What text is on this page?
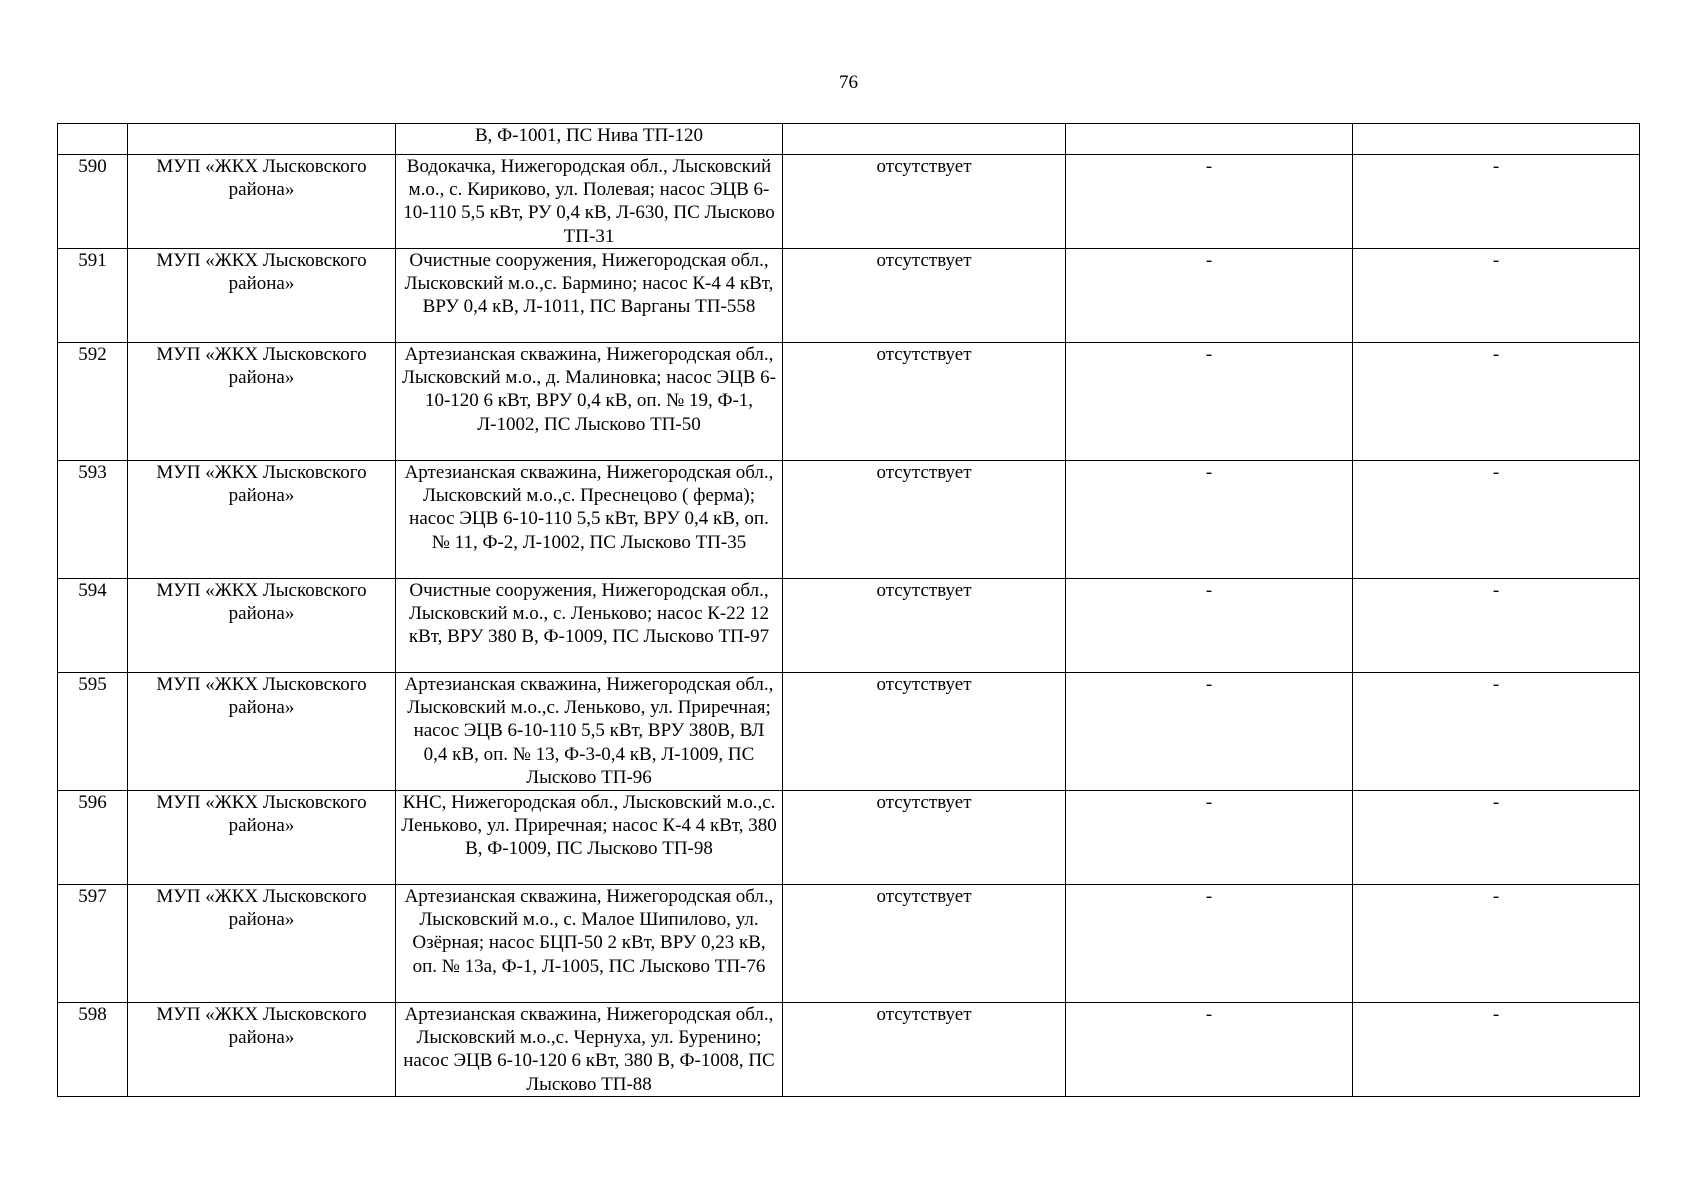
76
		В, Ф-1001, ПС Нива ТП-120			
590	МУП «ЖКХ Лысковского района»	Водокачка, Нижегородская обл., Лысковский м.о., с. Кириково, ул. Полевая; насос ЭЦВ 6-10-110 5,5 кВт, РУ 0,4 кВ, Л-630, ПС Лысково ТП-31	отсутствует	-	-
591	МУП «ЖКХ Лысковского района»	Очистные сооружения, Нижегородская обл., Лысковский м.о.,с. Бармино; насос К-4 4 кВт, ВРУ 0,4 кВ, Л-1011, ПС Варганы ТП-558	отсутствует	-	-
592	МУП «ЖКХ Лысковского района»	Артезианская скважина, Нижегородская обл., Лысковский м.о., д. Малиновка; насос ЭЦВ 6-10-120 6 кВт, ВРУ 0,4 кВ, оп. № 19, Ф-1, Л-1002, ПС Лысково ТП-50	отсутствует	-	-
593	МУП «ЖКХ Лысковского района»	Артезианская скважина, Нижегородская обл., Лысковский м.о.,с. Преснецово ( ферма); насос ЭЦВ 6-10-110 5,5 кВт, ВРУ 0,4 кВ, оп. № 11, Ф-2, Л-1002, ПС Лысково ТП-35	отсутствует	-	-
594	МУП «ЖКХ Лысковского района»	Очистные сооружения, Нижегородская обл., Лысковский м.о., с. Леньково; насос К-22 12 кВт, ВРУ 380 В, Ф-1009, ПС Лысково ТП-97	отсутствует	-	-
595	МУП «ЖКХ Лысковского района»	Артезианская скважина, Нижегородская обл., Лысковский м.о.,с. Леньково, ул. Приречная; насос ЭЦВ 6-10-110 5,5 кВт, ВРУ 380В, ВЛ 0,4 кВ, оп. № 13, Ф-3-0,4 кВ, Л-1009, ПС Лысково ТП-96	отсутствует	-	-
596	МУП «ЖКХ Лысковского района»	КНС, Нижегородская обл., Лысковский м.о.,с. Леньково, ул. Приречная; насос К-4 4 кВт, 380 В, Ф-1009, ПС Лысково ТП-98	отсутствует	-	-
597	МУП «ЖКХ Лысковского района»	Артезианская скважина, Нижегородская обл., Лысковский м.о., с. Малое Шипилово, ул. Озёрная; насос БЦП-50 2 кВт, ВРУ 0,23 кВ, оп. № 13а, Ф-1, Л-1005, ПС Лысково ТП-76	отсутствует	-	-
598	МУП «ЖКХ Лысковского района»	Артезианская скважина, Нижегородская обл., Лысковский м.о.,с. Чернуха, ул. Буренино; насос ЭЦВ 6-10-120 6 кВт, 380 В, Ф-1008, ПС Лысково ТП-88	отсутствует	-	-
